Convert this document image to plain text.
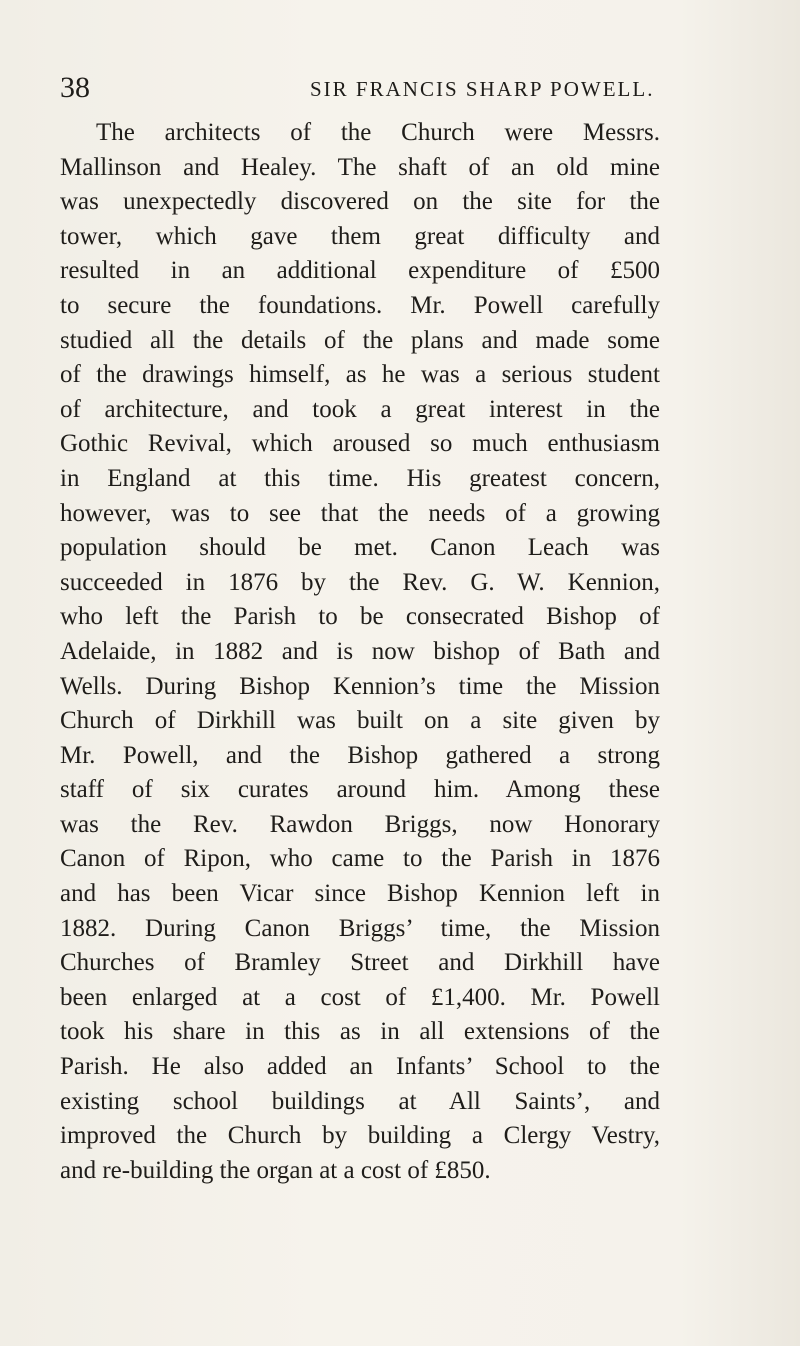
38	SIR FRANCIS SHARP POWELL.
The architects of the Church were Messrs.
Mallinson and Healey. The shaft of an old mine
was unexpectedly discovered on the site for the
tower, which gave them great difficulty and
resulted in an additional expenditure of £500
to secure the foundations. Mr. Powell carefully
studied all the details of the plans and made some
of the drawings himself, as he was a serious student
of architecture, and took a great interest in the
Gothic Revival, which aroused so much enthusiasm
in England at this time. His greatest concern,
however, was to see that the needs of a growing
population should be met. Canon Leach was
succeeded in 1876 by the Rev. G. W. Kennion,
who left the Parish to be consecrated Bishop of
Adelaide, in 1882 and is now bishop of Bath and
Wells. During Bishop Kennion’s time the Mission
Church of Dirkhill was built on a site given by
Mr. Powell, and the Bishop gathered a strong
staff of six curates around him. Among these
was the Rev. Rawdon Briggs, now Honorary
Canon of Ripon, who came to the Parish in 1876
and has been Vicar since Bishop Kennion left in
1882. During Canon Briggs’ time, the Mission
Churches of Bramley Street and Dirkhill have
been enlarged at a cost of £1,400. Mr. Powell
took his share in this as in all extensions of the
Parish. He also added an Infants’ School to the
existing school buildings at All Saints’, and
improved the Church by building a Clergy Vestry,
and re-building the organ at a cost of £850.
